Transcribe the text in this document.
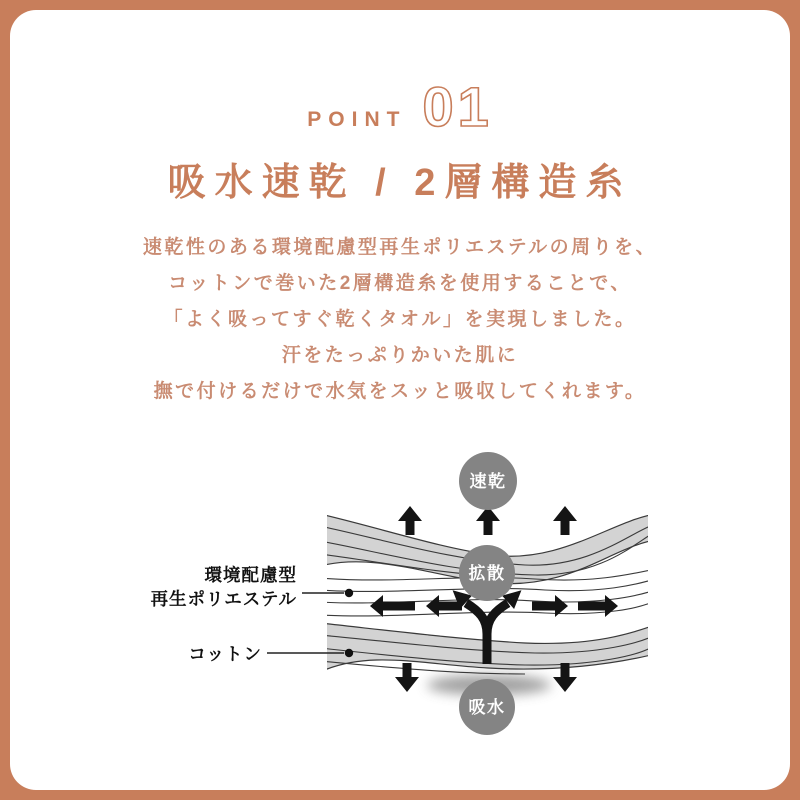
POINT 01
吸水速乾 / 2層構造糸

速乾性のある環境配慮型再生ポリエステルの周りを、

コットンで巻いた2層構造糸を使用することで、

「よく吸ってすぐ乾くタオル」を実現しました。

汗をたっぷりかいた肌に

撫で付けるだけで水気をスッと吸収してくれます。

速乾
拡散
吸水
環境配慮型
再生ポリエステル
コットン
